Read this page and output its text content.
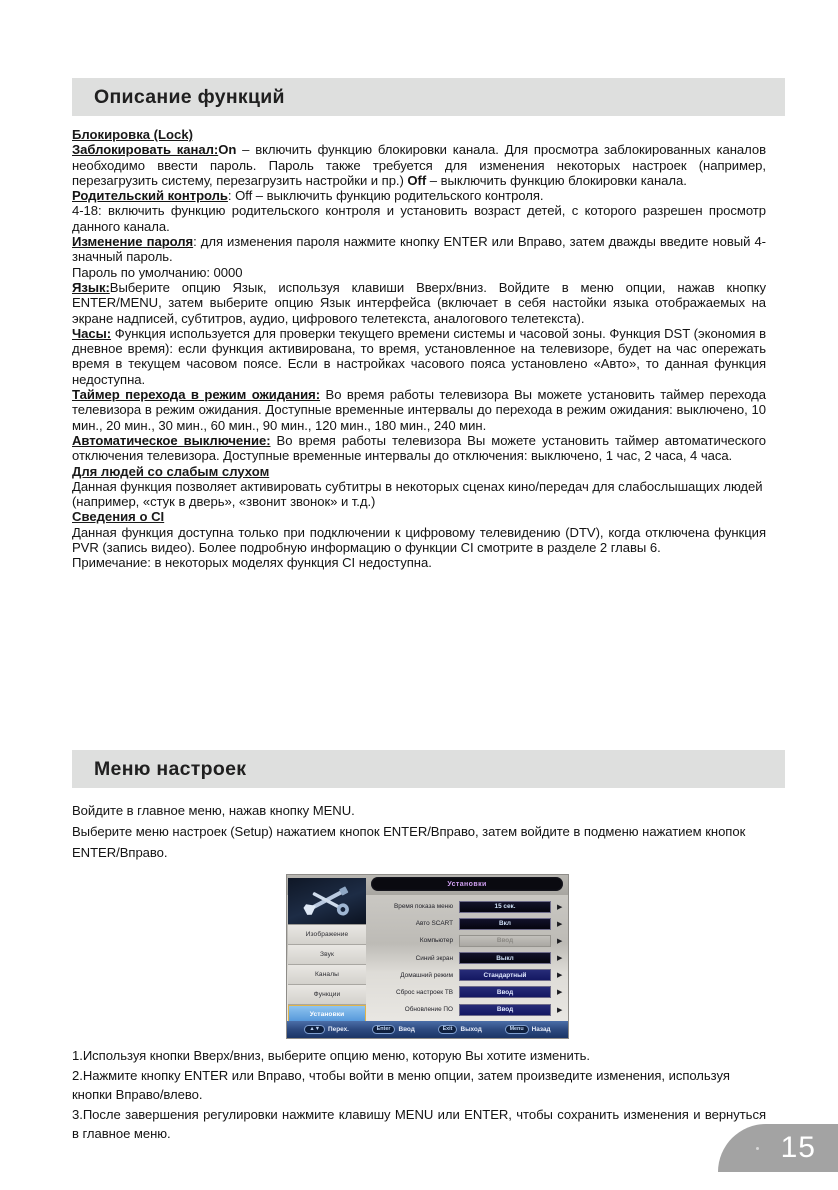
Описание функций

Блокировка (Lock)

Заблокировать канал:On – включить функцию блокировки канала. Для просмотра заблокированных каналов необходимо ввести пароль. Пароль также требуется для изменения некоторых настроек (например, перезагрузить систему, перезагрузить настройки и пр.) Off – выключить функцию блокировки канала.

Родительский контроль: Off – выключить функцию родительского контроля.

4-18: включить функцию родительского контроля и установить возраст детей, с которого разрешен просмотр данного канала.

Изменение пароля: для изменения пароля нажмите кнопку ENTER или Вправо, затем дважды введите новый 4-значный пароль.

Пароль по умолчанию: 0000

Язык:Выберите опцию Язык, используя клавиши Вверх/вниз. Войдите в меню опции, нажав кнопку ENTER/MENU, затем выберите опцию Язык интерфейса (включает в себя настойки языка отображаемых на экране надписей, субтитров, аудио, цифрового телетекста, аналогового телетекста).

Часы: Функция используется для проверки текущего времени системы и часовой зоны. Функция DST (экономия в дневное время): если функция активирована, то время, установленное на телевизоре, будет на час опережать время в текущем часовом поясе. Если в настройках часового пояса установлено «Авто», то данная функция недоступна.

Таймер перехода в режим ожидания: Во время работы телевизора Вы можете установить таймер перехода телевизора в режим ожидания. Доступные временные интервалы до перехода в режим ожидания: выключено, 10 мин., 20 мин., 30 мин., 60 мин., 90 мин., 120 мин., 180 мин., 240 мин.

Автоматическое выключение: Во время работы телевизора Вы можете установить таймер автоматического отключения телевизора. Доступные временные интервалы до отключения: выключено, 1 час, 2 часа, 4 часа.

Для людей со слабым слухом

Данная функция позволяет активировать субтитры в некоторых сценах кино/передач для слабослышащих людей (например, «стук в дверь», «звонит звонок» и т.д.)

Сведения о CI

Данная функция доступна только при подключении к цифровому телевидению (DTV), когда отключена функция PVR (запись видео). Более подробную информацию о функции CI смотрите в разделе 2 главы 6.

Примечание: в некоторых моделях функция CI недоступна.

Меню настроек

Войдите в главное меню, нажав кнопку MENU.

Выберите меню настроек (Setup) нажатием кнопок ENTER/Вправо, затем войдите в подменю нажатием кнопок ENTER/Вправо.

Установки
Изображение
Звук
Каналы
Функции
Установки
Время показа меню	15 сек.	▶
Авто SCART	Вкл	▶
Компьютер	Ввод	▶
Синий экран	Выкл	▶
Домашний режим	Стандартный	▶
Сброс настроек ТВ	Ввод	▶
Обновление ПО	Ввод	▶
▲▼	Перех.	Enter	Ввод	Exit	Выход	Menu	Назад

1.Используя кнопки Вверх/вниз, выберите опцию меню, которую Вы хотите изменить.

2.Нажмите кнопку ENTER или Вправо, чтобы войти в меню опции, затем произведите изменения, используя кнопки Вправо/влево.

3.После завершения регулировки нажмите клавишу MENU или ENTER, чтобы сохранить изменения и вернуться в главное меню.	15
